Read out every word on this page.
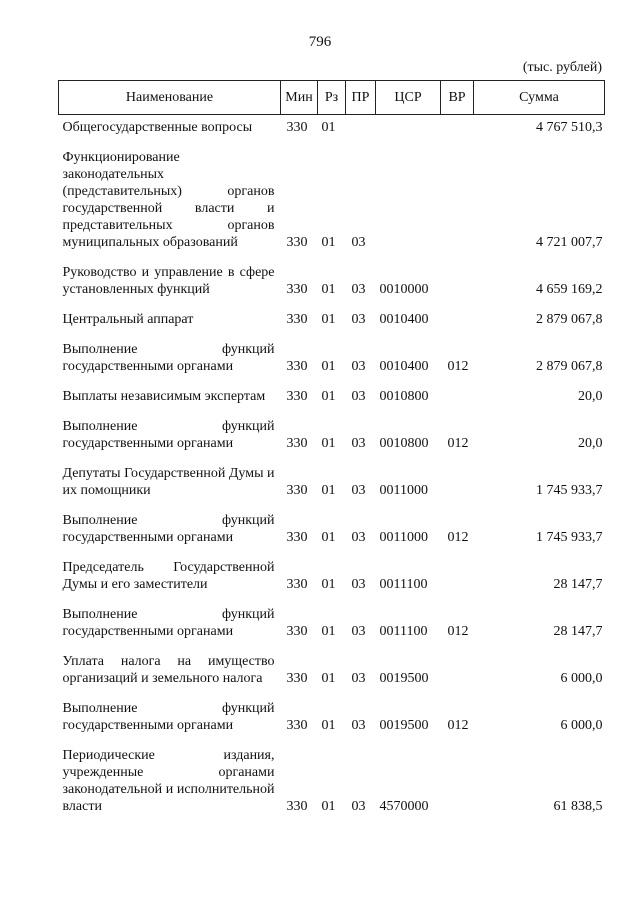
796
(тыс. рублей)
Наименование	Мин	Рз	ПР	ЦСР	ВР	Сумма
Общегосударственные вопросы	330	01				4 767 510,3
Функционирование законодательных (представительных) органов государственной власти и представительных органов муниципальных образований	330	01	03			4 721 007,7
Руководство и управление в сфере установленных функций	330	01	03	0010000		4 659 169,2
Центральный аппарат	330	01	03	0010400		2 879 067,8
Выполнение функций государственными органами	330	01	03	0010400	012	2 879 067,8
Выплаты независимым экспертам	330	01	03	0010800		20,0
Выполнение функций государственными органами	330	01	03	0010800	012	20,0
Депутаты Государственной Думы и их помощники	330	01	03	0011000		1 745 933,7
Выполнение функций государственными органами	330	01	03	0011000	012	1 745 933,7
Председатель Государственной Думы и его заместители	330	01	03	0011100		28 147,7
Выполнение функций государственными органами	330	01	03	0011100	012	28 147,7
Уплата налога на имущество организаций и земельного налога	330	01	03	0019500		6 000,0
Выполнение функций государственными органами	330	01	03	0019500	012	6 000,0
Периодические издания, учрежденные органами законодательной и исполнительной власти	330	01	03	4570000		61 838,5
